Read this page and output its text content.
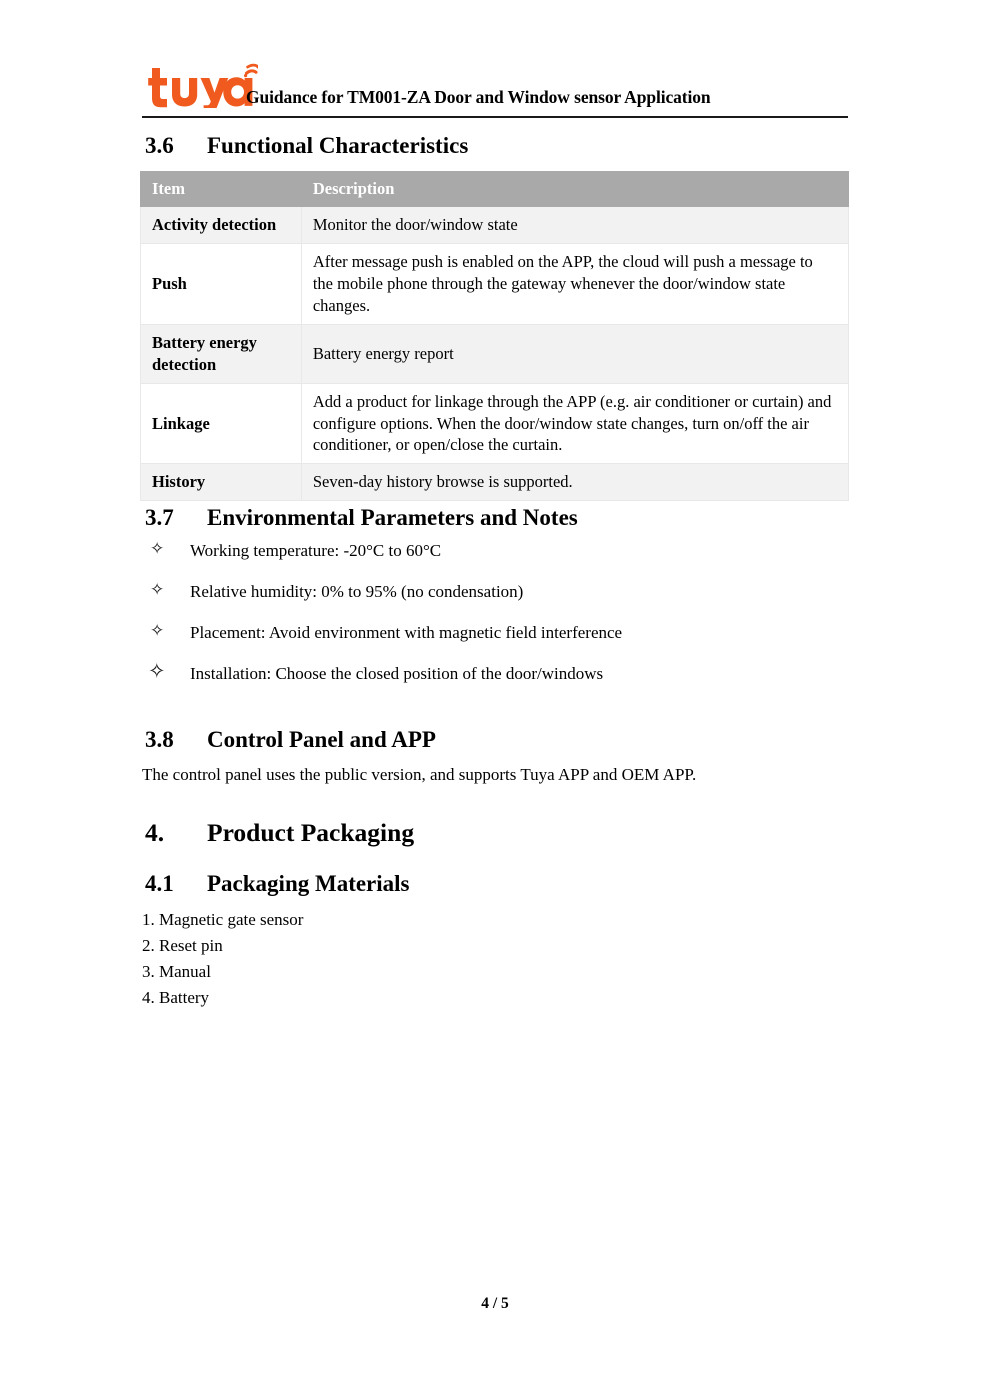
Guidance for TM001-ZA Door and Window sensor Application
3.6 Functional Characteristics
Item	Description
Activity detection	Monitor the door/window state
Push	After message push is enabled on the APP, the cloud will push a message to the mobile phone through the gateway whenever the door/window state changes.
Battery energy detection	Battery energy report
Linkage	Add a product for linkage through the APP (e.g. air conditioner or curtain) and configure options. When the door/window state changes, turn on/off the air conditioner, or open/close the curtain.
History	Seven-day history browse is supported.
3.7 Environmental Parameters and Notes
✧ Working temperature: -20°C to 60°C
✧ Relative humidity: 0% to 95% (no condensation)
✧ Placement: Avoid environment with magnetic field interference
✧ Installation: Choose the closed position of the door/windows
3.8 Control Panel and APP
The control panel uses the public version, and supports Tuya APP and OEM APP.
4. Product Packaging
4.1 Packaging Materials
1. Magnetic gate sensor
2. Reset pin
3. Manual
4. Battery
4 / 5
